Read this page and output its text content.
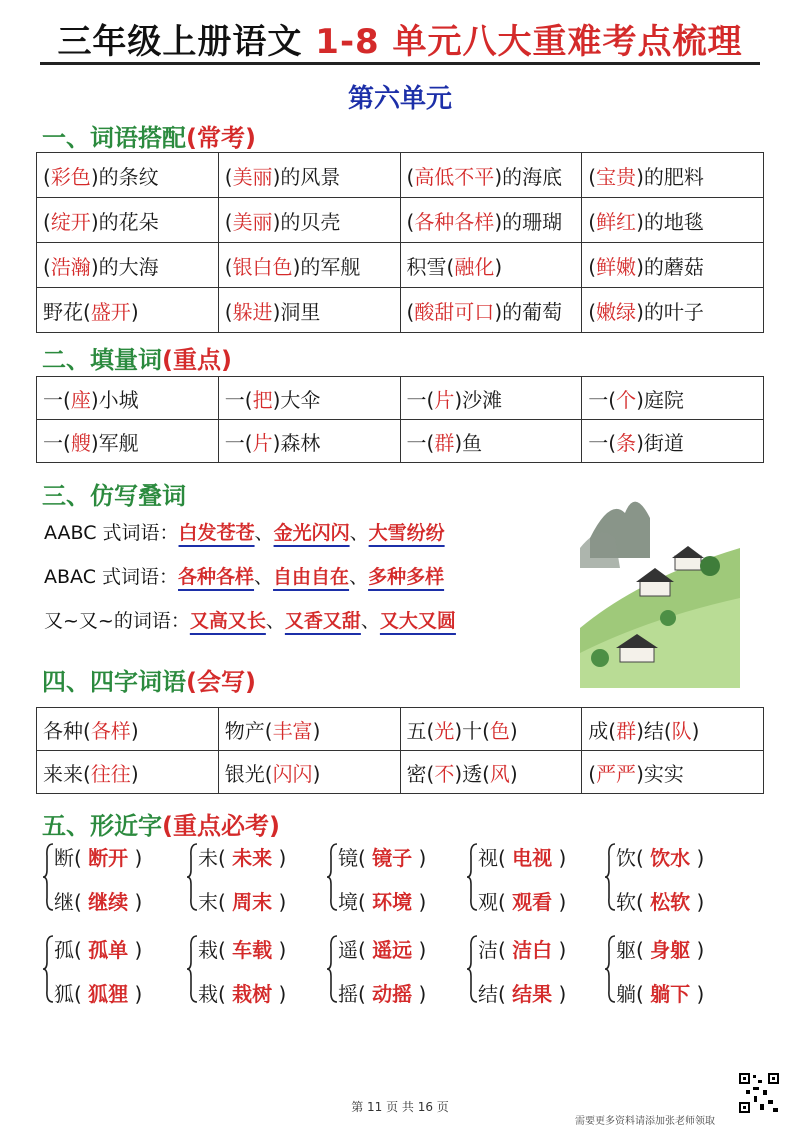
三年级上册语文 1-8 单元八大重难考点梳理
第六单元
一、词语搭配(常考)
(彩色)的条纹	(美丽)的风景	(高低不平)的海底	(宝贵)的肥料
(绽开)的花朵	(美丽)的贝壳	(各种各样)的珊瑚	(鲜红)的地毯
(浩瀚)的大海	(银白色)的军舰	积雪(融化)	(鲜嫩)的蘑菇
野花(盛开)	(躲进)洞里	(酸甜可口)的葡萄	(嫩绿)的叶子
二、填量词(重点)
一(座)小城	一(把)大伞	一(片)沙滩	一(个)庭院
一(艘)军舰	一(片)森林	一(群)鱼	一(条)街道
三、仿写叠词
AABC 式词语：白发苍苍、金光闪闪、大雪纷纷
ABAC 式词语：各种各样、自由自在、多种多样
又~又~的词语：又高又长、又香又甜、又大又圆
四、四字词语(会写)
各种(各样)	物产(丰富)	五(光)十(色)	成(群)结(队)
来来(往往)	银光(闪闪)	密(不)透(风)	(严严)实实
五、形近字(重点必考)
断( 断开 )
继( 继续 )
未( 未来 )
末( 周末 )
镜( 镜子 )
境( 环境 )
视( 电视 )
观( 观看 )
饮( 饮水 )
软( 松软 )
孤( 孤单 )
狐( 狐狸 )
栽( 车载 )
栽( 栽树 )
遥( 遥远 )
摇( 动摇 )
洁( 洁白 )
结( 结果 )
躯( 身躯 )
躺( 躺下 )
第 11 页 共 16 页
需要更多资料请添加张老师领取
